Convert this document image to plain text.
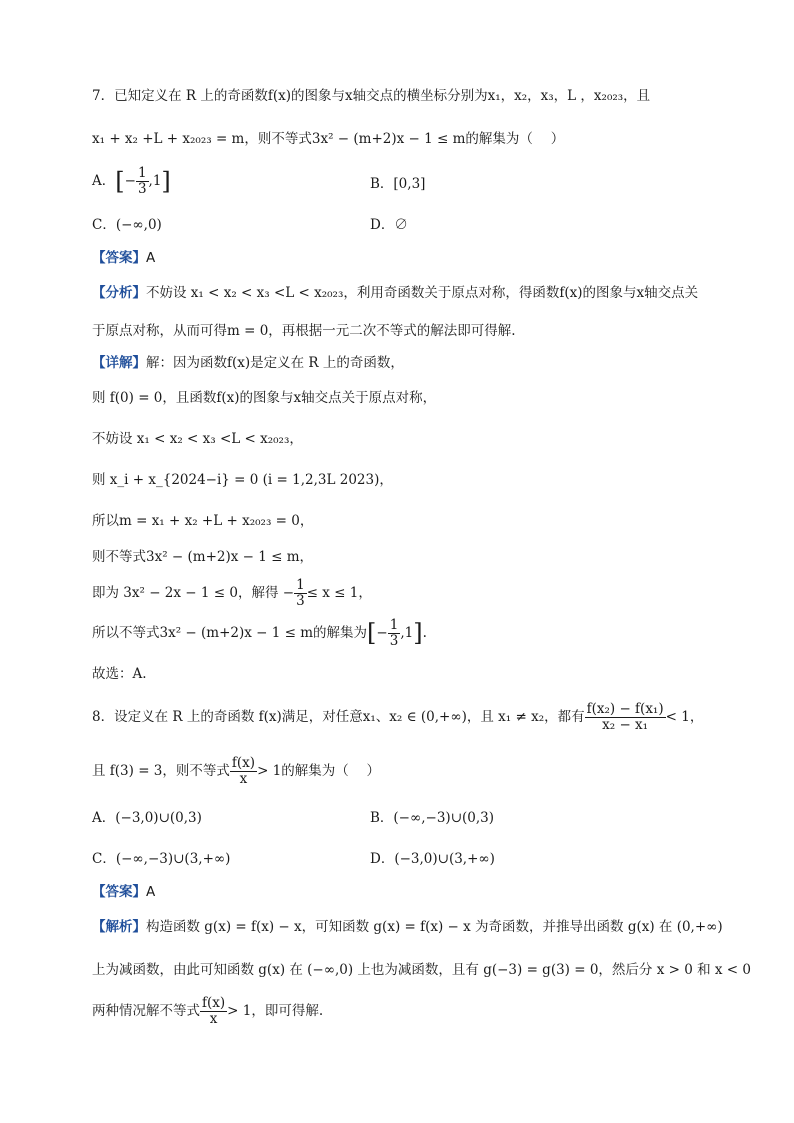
7．已知定义在 R 上的奇函数f(x)的图象与x轴交点的横坐标分别为x₁，x₂，x₃，L ，x₂₀₂₃，且
x₁ + x₂ +L + x₂₀₂₃ = m，则不等式3x² − (m+2)x − 1 ≤ m的解集为（　 ）
A．[− $\frac{1}{3} ,1$]	B．[0,3]
C．(−∞,0)	D．∅
【答案】A
【分析】不妨设 x₁ < x₂ < x₃ <L < x₂₀₂₃，利用奇函数关于原点对称，得函数f(x)的图象与x轴交点关
于原点对称，从而可得m = 0，再根据一元二次不等式的解法即可得解.
【详解】解：因为函数f(x)是定义在 R 上的奇函数，
则 f(0) = 0，且函数f(x)的图象与x轴交点关于原点对称，
不妨设 x₁ < x₂ < x₃ <L < x₂₀₂₃，
则 x_i + x_{2024−i} = 0 (i = 1,2,3L 2023)，
所以m = x₁ + x₂ +L + x₂₀₂₃ = 0，
则不等式3x² − (m+2)x − 1 ≤ m，
即为 3x² − 2x − 1 ≤ 0，解得 − $\frac{1}{3} \le x \le 1$，
所以不等式3x² − (m+2)x − 1 ≤ m的解集为[− $\frac{1}{3} ,1$].
故选：A.
8．设定义在 R 上的奇函数 f(x)满足，对任意x₁、x₂ ∈ (0,+∞)，且 x₁ ≠ x₂，都有 $\frac{\text{f(x₂) − f(x₁)}}{\text{x₂ − x₁}} < 1$，
且 f(3) = 3，则不等式 $\frac{f(x)}{x} > 1$的解集为（　 ）
A．(−3,0)∪(0,3)	B．(−∞,−3)∪(0,3)
C．(−∞,−3)∪(3,+∞)	D．(−3,0)∪(3,+∞)
【答案】A
【解析】构造函数 g(x) = f(x) − x，可知函数 g(x) = f(x) − x 为奇函数，并推导出函数 g(x) 在 (0,+∞)
上为减函数，由此可知函数 g(x) 在 (−∞,0) 上也为减函数，且有 g(−3) = g(3) = 0，然后分 x > 0 和 x < 0
两种情况解不等式 $\frac{f(x)}{x} > 1$，即可得解.
